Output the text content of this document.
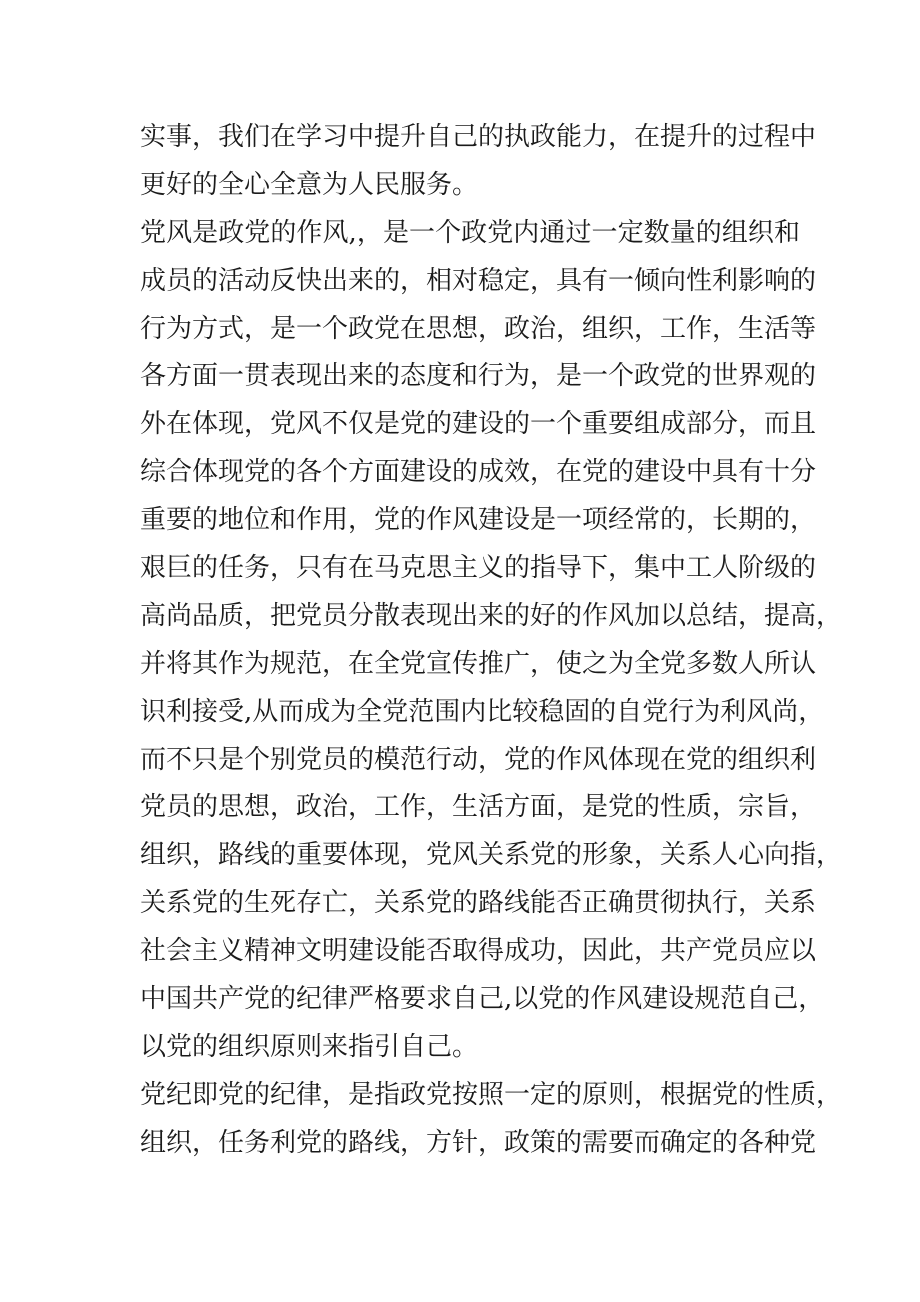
实事，我们在学习中提升自己的执政能力，在提升的过程中
更好的全心全意为人民服务。
党风是政党的作风,，是一个政党内通过一定数量的组织和
成员的活动反快出来的，相对稳定，具有一倾向性利影响的
行为方式，是一个政党在思想，政治，组织，工作，生活等
各方面一贯表现出来的态度和行为，是一个政党的世界观的
外在体现，党风不仅是党的建设的一个重要组成部分，而且
综合体现党的各个方面建设的成效，在党的建设中具有十分
重要的地位和作用，党的作风建设是一项经常的，长期的，
艰巨的任务，只有在马克思主义的指导下，集中工人阶级的
高尚品质，把党员分散表现出来的好的作风加以总结，提高，
并将其作为规范，在全党宣传推广，使之为全党多数人所认
识利接受,从而成为全党范围内比较稳固的自党行为利风尚，
而不只是个别党员的模范行动，党的作风体现在党的组织利
党员的思想，政治，工作，生活方面，是党的性质，宗旨，
组织，路线的重要体现，党风关系党的形象，关系人心向指，
关系党的生死存亡，关系党的路线能否正确贯彻执行，关系
社会主义精神文明建设能否取得成功，因此，共产党员应以
中国共产党的纪律严格要求自己,以党的作风建设规范自己，
以党的组织原则来指引自己。
党纪即党的纪律，是指政党按照一定的原则，根据党的性质，
组织，任务利党的路线，方针，政策的需要而确定的各种党
